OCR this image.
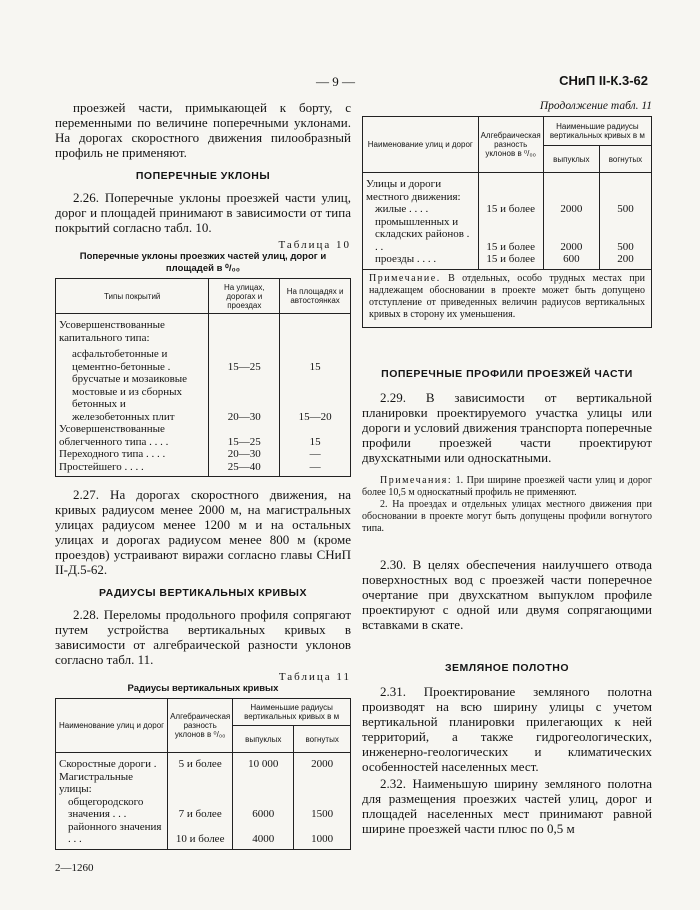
— 9 —	СНиП II-К.3-62

проезжей части, примыкающей к борту, с переменными по величине поперечными уклонами. На дорогах скоростного движения пилообразный профиль не применяют.

ПОПЕРЕЧНЫЕ УКЛОНЫ

2.26. Поперечные уклоны проезжей части улиц, дорог и площадей принимают в зависимости от типа покрытий согласно табл. 10.

Таблица 10
Поперечные уклоны проезжих частей улиц, дорог и площадей в ⁰/₀₀
Типы покрытий	На улицах, дорогах и проездах	На площадях и автостоянках
Усовершенствованные капитального типа:		
асфальтобетонные и цементно-бетонные .	15—25	15
брусчатые и мозаиковые мостовые и из сборных бетонных и железобетонных плит	20—30	15—20
Усовершенствованные облегченного типа . . . .	15—25	15
Переходного типа . . . .	20—30	—
Простейшего . . . .	25—40	—

2.27. На дорогах скоростного движения, на кривых радиусом менее 2000 м, на магистральных улицах радиусом менее 1200 м и на остальных улицах и дорогах радиусом менее 800 м (кроме проездов) устраивают виражи согласно главы СНиП II-Д.5-62.

РАДИУСЫ ВЕРТИКАЛЬНЫХ КРИВЫХ

2.28. Переломы продольного профиля сопрягают путем устройства вертикальных кривых в зависимости от алгебраической разности уклонов согласно табл. 11.

Таблица 11
Радиусы вертикальных кривых
Наименование улиц и дорог	Алгебраическая разность уклонов в ⁰/₀₀	Наименьшие радиусы вертикальных кривых в м	
		выпуклых	вогнутых
Скоростные дороги .	5 и более	10 000	2000
Магистральные улицы:			
общегородского значения . . .	7 и более	6000	1500
районного значения . . .	10 и более	4000	1000
Продолжение табл. 11
Наименование улиц и дорог	Алгебраическая разность уклонов в ⁰/₀₀	Наименьшие радиусы вертикальных кривых в м	
		выпуклых	вогнутых
Улицы и дороги местного движения:			
жилые . . . .	15 и более	2000	500
промышленных и складских районов . . .	15 и более	2000	500
проезды . . . .	15 и более	600	200
Примечание. В отдельных, особо трудных местах при надлежащем обосновании в проекте может быть допущено отступление от приведенных величин радиусов вертикальных кривых в сторону их уменьшения.
ПОПЕРЕЧНЫЕ ПРОФИЛИ ПРОЕЗЖЕЙ ЧАСТИ

2.29. В зависимости от вертикальной планировки проектируемого участка улицы или дороги и условий движения транспорта поперечные профили проезжей части проектируют двухскатными или односкатными.

Примечания: 1. При ширине проезжей части улиц и дорог более 10,5 м односкатный профиль не применяют.
2. На проездах и отдельных улицах местного движения при обосновании в проекте могут быть допущены профили вогнутого типа.

2.30. В целях обеспечения наилучшего отвода поверхностных вод с проезжей части поперечное очертание при двухскатном выпуклом профиле проектируют с одной или двумя сопрягающими вставками в скате.

ЗЕМЛЯНОЕ ПОЛОТНО

2.31. Проектирование земляного полотна производят на всю ширину улицы с учетом вертикальной планировки прилегающих к ней территорий, а также гидрогеологических, инженерно-геологических и климатических особенностей населенных мест.

2.32. Наименьшую ширину земляного полотна для размещения проезжих частей улиц, дорог и площадей населенных мест принимают равной ширине проезжей части плюс по 0,5 м

2—1260
